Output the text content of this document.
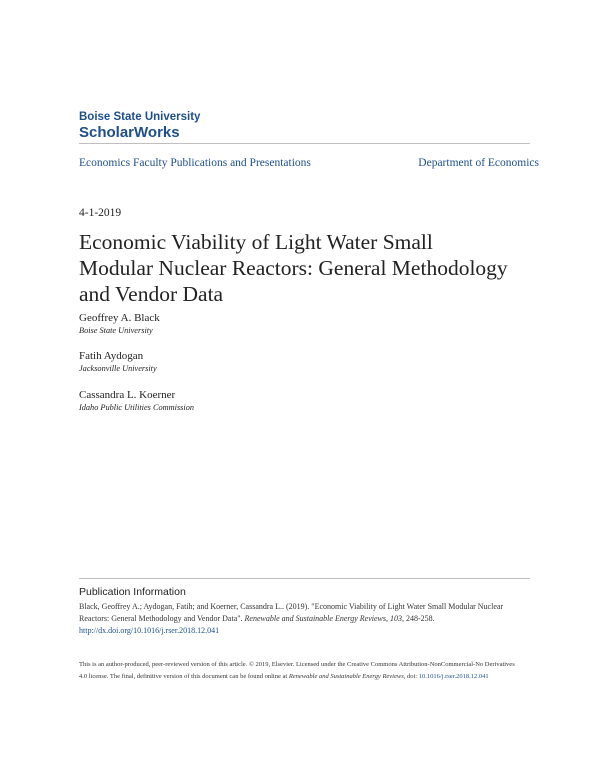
Boise State University
ScholarWorks
Economics Faculty Publications and Presentations	Department of Economics
4-1-2019
Economic Viability of Light Water Small Modular Nuclear Reactors: General Methodology and Vendor Data
Geoffrey A. Black
Boise State University
Fatih Aydogan
Jacksonville University
Cassandra L. Koerner
Idaho Public Utilities Commission
Publication Information
Black, Geoffrey A.; Aydogan, Fatih; and Koerner, Cassandra L.. (2019). "Economic Viability of Light Water Small Modular Nuclear Reactors: General Methodology and Vendor Data". Renewable and Sustainable Energy Reviews, 103, 248-258. http://dx.doi.org/10.1016/j.rser.2018.12.041
This is an author-produced, peer-reviewed version of this article. © 2019, Elsevier. Licensed under the Creative Commons Attribution-NonCommercial-No Derivatives 4.0 license. The final, definitive version of this document can be found online at Renewable and Sustainable Energy Reviews, doi: 10.1016/j.rser.2018.12.041
